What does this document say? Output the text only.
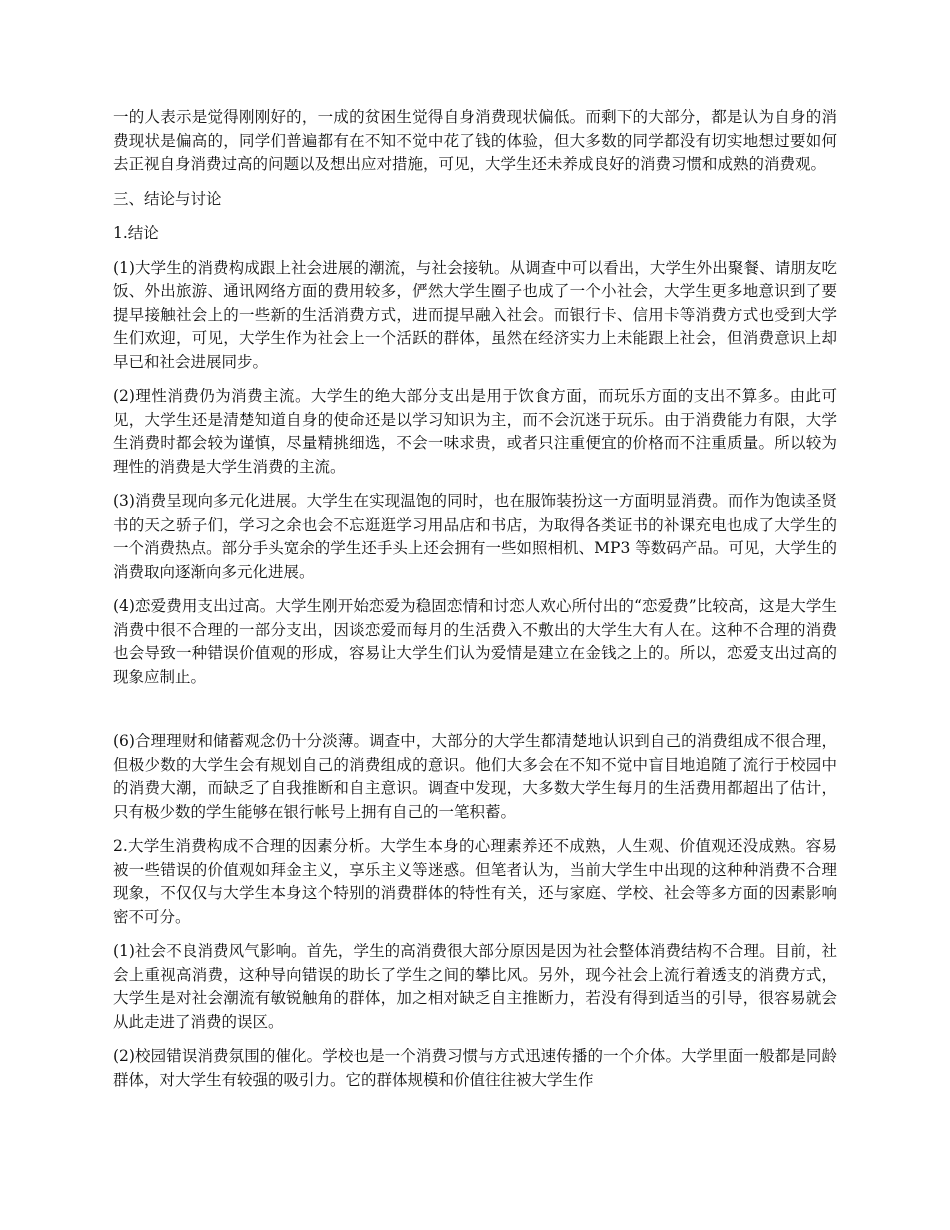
一的人表示是觉得刚刚好的，一成的贫困生觉得自身消费现状偏低。而剩下的大部分，都是认为自身的消费现状是偏高的，同学们普遍都有在不知不觉中花了钱的体验，但大多数的同学都没有切实地想过要如何去正视自身消费过高的问题以及想出应对措施，可见，大学生还未养成良好的消费习惯和成熟的消费观。

三、结论与讨论

1.结论

(1)大学生的消费构成跟上社会进展的潮流，与社会接轨。从调查中可以看出，大学生外出聚餐、请朋友吃饭、外出旅游、通讯网络方面的费用较多，俨然大学生圈子也成了一个小社会，大学生更多地意识到了要提早接触社会上的一些新的生活消费方式，进而提早融入社会。而银行卡、信用卡等消费方式也受到大学生们欢迎，可见，大学生作为社会上一个活跃的群体，虽然在经济实力上未能跟上社会，但消费意识上却早已和社会进展同步。

(2)理性消费仍为消费主流。大学生的绝大部分支出是用于饮食方面，而玩乐方面的支出不算多。由此可见，大学生还是清楚知道自身的使命还是以学习知识为主，而不会沉迷于玩乐。由于消费能力有限，大学生消费时都会较为谨慎，尽量精挑细选，不会一味求贵，或者只注重便宜的价格而不注重质量。所以较为理性的消费是大学生消费的主流。

(3)消费呈现向多元化进展。大学生在实现温饱的同时，也在服饰装扮这一方面明显消费。而作为饱读圣贤书的天之骄子们，学习之余也会不忘逛逛学习用品店和书店，为取得各类证书的补课充电也成了大学生的一个消费热点。部分手头宽余的学生还手头上还会拥有一些如照相机、MP3 等数码产品。可见，大学生的消费取向逐渐向多元化进展。

(4)恋爱费用支出过高。大学生刚开始恋爱为稳固恋情和讨恋人欢心所付出的“恋爱费”比较高，这是大学生消费中很不合理的一部分支出，因谈恋爱而每月的生活费入不敷出的大学生大有人在。这种不合理的消费也会导致一种错误价值观的形成，容易让大学生们认为爱情是建立在金钱之上的。所以，恋爱支出过高的现象应制止。

(6)合理理财和储蓄观念仍十分淡薄。调查中，大部分的大学生都清楚地认识到自己的消费组成不很合理，但极少数的大学生会有规划自己的消费组成的意识。他们大多会在不知不觉中盲目地追随了流行于校园中的消费大潮，而缺乏了自我推断和自主意识。调查中发现，大多数大学生每月的生活费用都超出了估计，只有极少数的学生能够在银行帐号上拥有自己的一笔积蓄。

2.大学生消费构成不合理的因素分析。大学生本身的心理素养还不成熟，人生观、价值观还没成熟。容易被一些错误的价值观如拜金主义，享乐主义等迷惑。但笔者认为，当前大学生中出现的这种种消费不合理现象，不仅仅与大学生本身这个特别的消费群体的特性有关，还与家庭、学校、社会等多方面的因素影响密不可分。

(1)社会不良消费风气影响。首先，学生的高消费很大部分原因是因为社会整体消费结构不合理。目前，社会上重视高消费，这种导向错误的助长了学生之间的攀比风。另外，现今社会上流行着透支的消费方式，大学生是对社会潮流有敏锐触角的群体，加之相对缺乏自主推断力，若没有得到适当的引导，很容易就会从此走进了消费的误区。

(2)校园错误消费氛围的催化。学校也是一个消费习惯与方式迅速传播的一个介体。大学里面一般都是同龄群体，对大学生有较强的吸引力。它的群体规模和价值往往被大学生作
